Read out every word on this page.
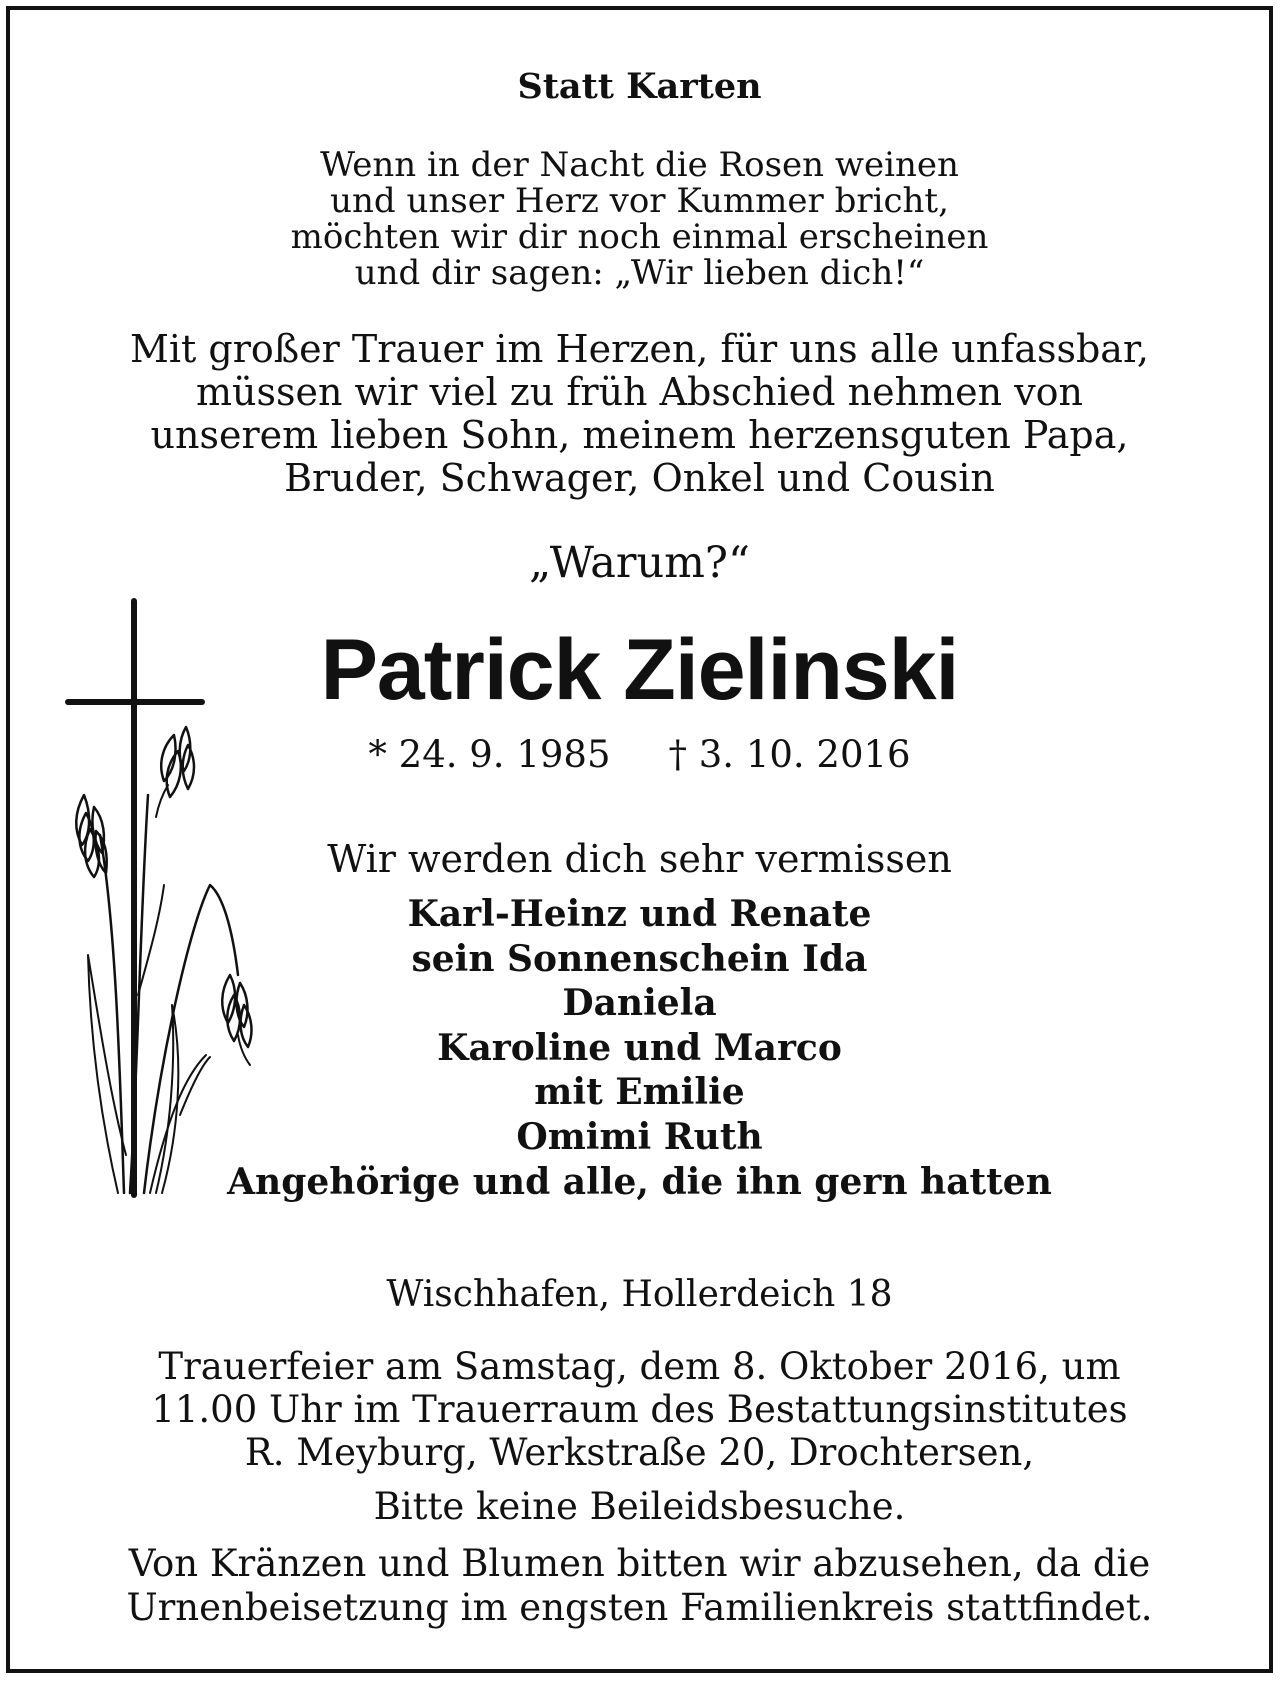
Statt Karten
Wenn in der Nacht die Rosen weinen
und unser Herz vor Kummer bricht,
möchten wir dir noch einmal erscheinen
und dir sagen: „Wir lieben dich!“
Mit großer Trauer im Herzen, für uns alle unfassbar,
müssen wir viel zu früh Abschied nehmen von
unserem lieben Sohn, meinem herzensguten Papa,
Bruder, Schwager, Onkel und Cousin
„Warum?“
Patrick Zielinski
* 24. 9. 1985 † 3. 10. 2016
Wir werden dich sehr vermissen
Karl-Heinz und Renate
sein Sonnenschein Ida
Daniela
Karoline und Marco
mit Emilie
Omimi Ruth
Angehörige und alle, die ihn gern hatten
Wischhafen, Hollerdeich 18
Trauerfeier am Samstag, dem 8. Oktober 2016, um
11.00 Uhr im Trauerraum des Bestattungsinstitutes
R. Meyburg, Werkstraße 20, Drochtersen,
Bitte keine Beileidsbesuche.
Von Kränzen und Blumen bitten wir abzusehen, da die
Urnenbeisetzung im engsten Familienkreis stattfindet.
